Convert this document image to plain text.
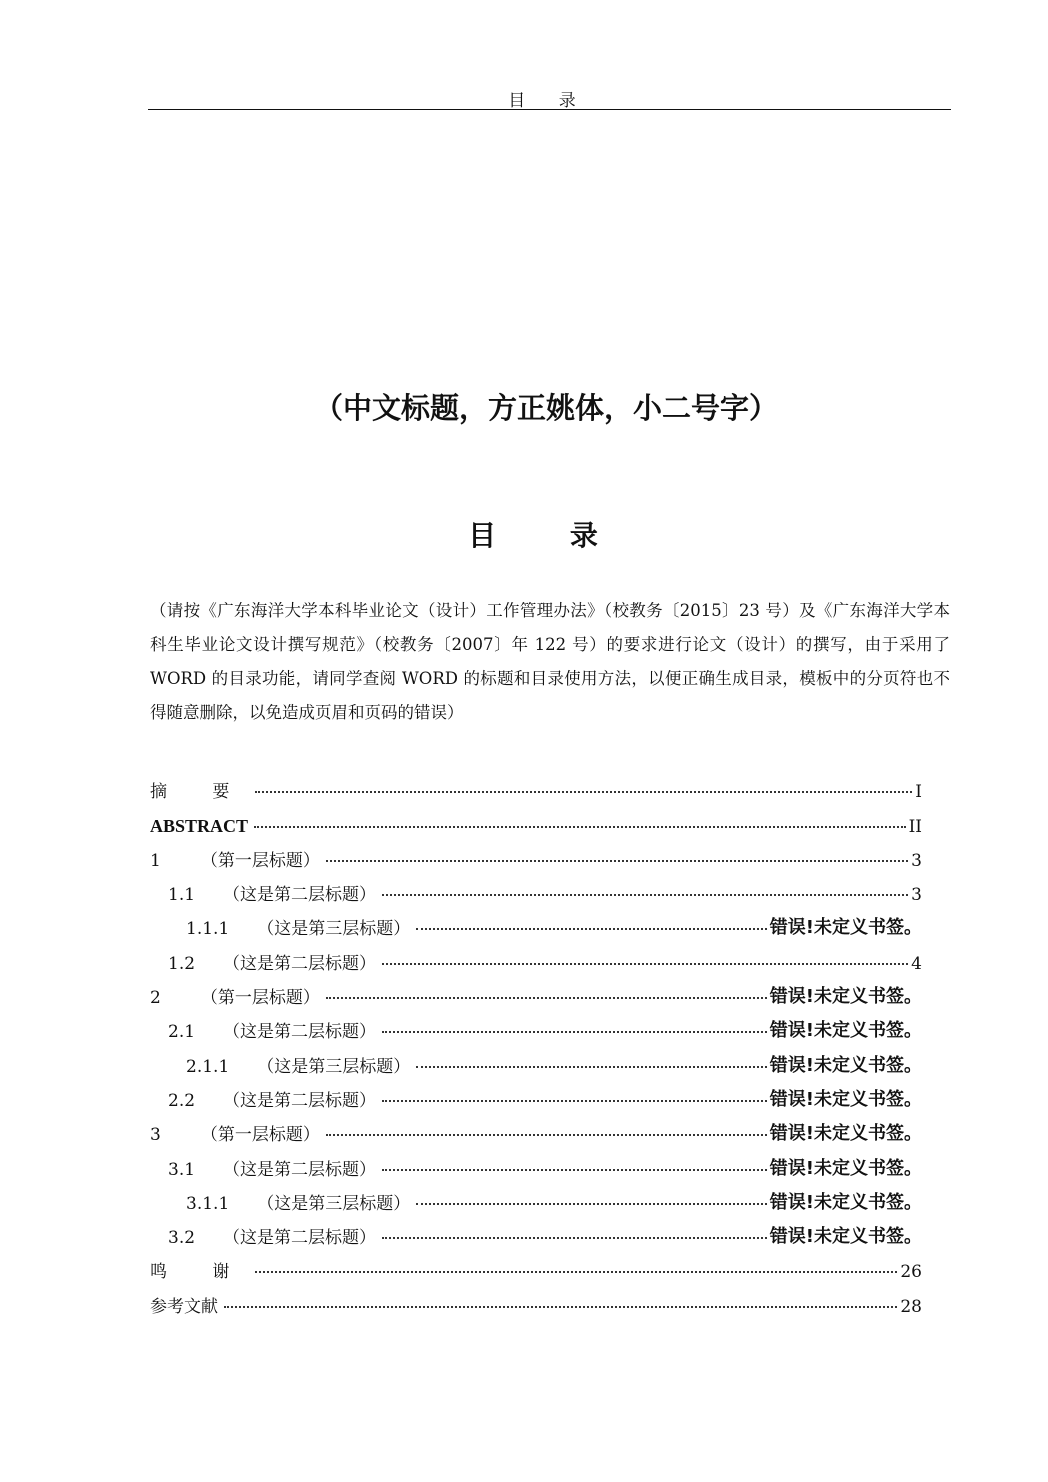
目 录
（中文标题，方正姚体，小二号字）
目 录
（请按《广东海洋大学本科毕业论文（设计）工作管理办法》（校教务〔2015〕23 号）及《广东海洋大学本科生毕业论文设计撰写规范》（校教务〔2007〕年 122 号）的要求进行论文（设计）的撰写，由于采用了 WORD 的目录功能，请同学查阅 WORD 的标题和目录使用方法，以便正确生成目录，模板中的分页符也不得随意删除，以免造成页眉和页码的错误）
摘 要	I
ABSTRACT	II
1 （第一层标题）	3
1.1 （这是第二层标题）	3
1.1.1 （这是第三层标题）	错误!未定义书签。
1.2 （这是第二层标题）	4
2 （第一层标题）	错误!未定义书签。
2.1 （这是第二层标题）	错误!未定义书签。
2.1.1 （这是第三层标题）	错误!未定义书签。
2.2 （这是第二层标题）	错误!未定义书签。
3 （第一层标题）	错误!未定义书签。
3.1 （这是第二层标题）	错误!未定义书签。
3.1.1 （这是第三层标题）	错误!未定义书签。
3.2 （这是第二层标题）	错误!未定义书签。
鸣 谢	26
参考文献	28
